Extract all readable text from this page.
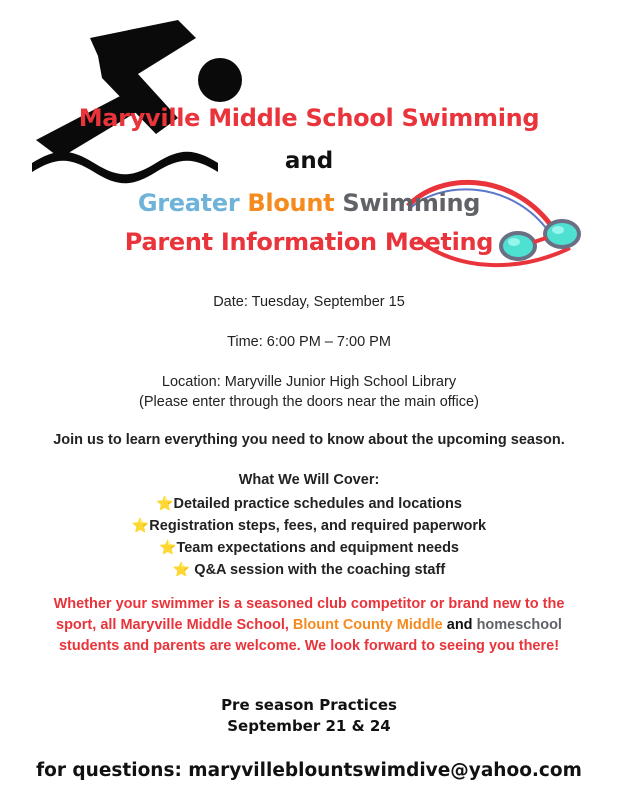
Maryville Middle School Swimming
and
Greater Blount Swimming
Parent Information Meeting
Date: Tuesday, September 15
Time: 6:00 PM – 7:00 PM
Location: Maryville Junior High School Library
(Please enter through the doors near the main office)
Join us to learn everything you need to know about the upcoming season.
What We Will Cover:
⭐Detailed practice schedules and locations
⭐Registration steps, fees, and required paperwork
⭐Team expectations and equipment needs
⭐ Q&A session with the coaching staff
Whether your swimmer is a seasoned club competitor or brand new to the
sport, all Maryville Middle School, Blount County Middle and homeschool
students and parents are welcome. We look forward to seeing you there!
Pre season Practices
September 21 & 24
for questions: maryvilleblountswimdive@yahoo.com
